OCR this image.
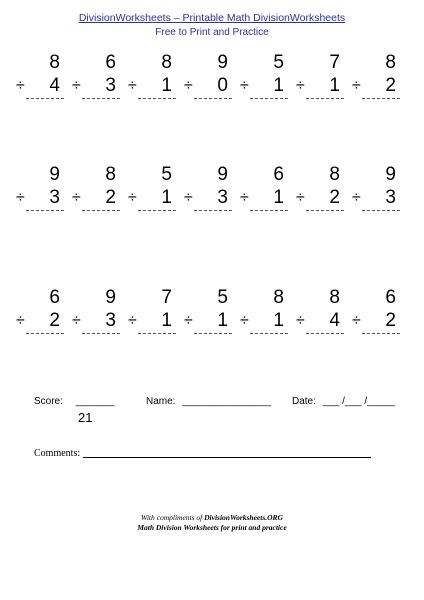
DivisionWorksheets – Printable Math DivisionWorksheets
Free to Print and Practice
8
÷ 4
6
÷ 3
8
÷ 1
9
÷ 0
5
÷ 1
7
÷ 1
8
÷ 2
9
÷ 3
8
÷ 2
5
÷ 1
9
÷ 3
6
÷ 1
8
÷ 2
9
÷ 3
6
÷ 2
9
÷ 3
7
÷ 1
5
÷ 1
8
÷ 1
8
÷ 4
6
÷ 2
Score: _______
21
Name: ________________ Date: ___ /___ /_____
Comments:
With compliments of DivisionWorksheets.ORG
Math Division Worksheets for print and practice
